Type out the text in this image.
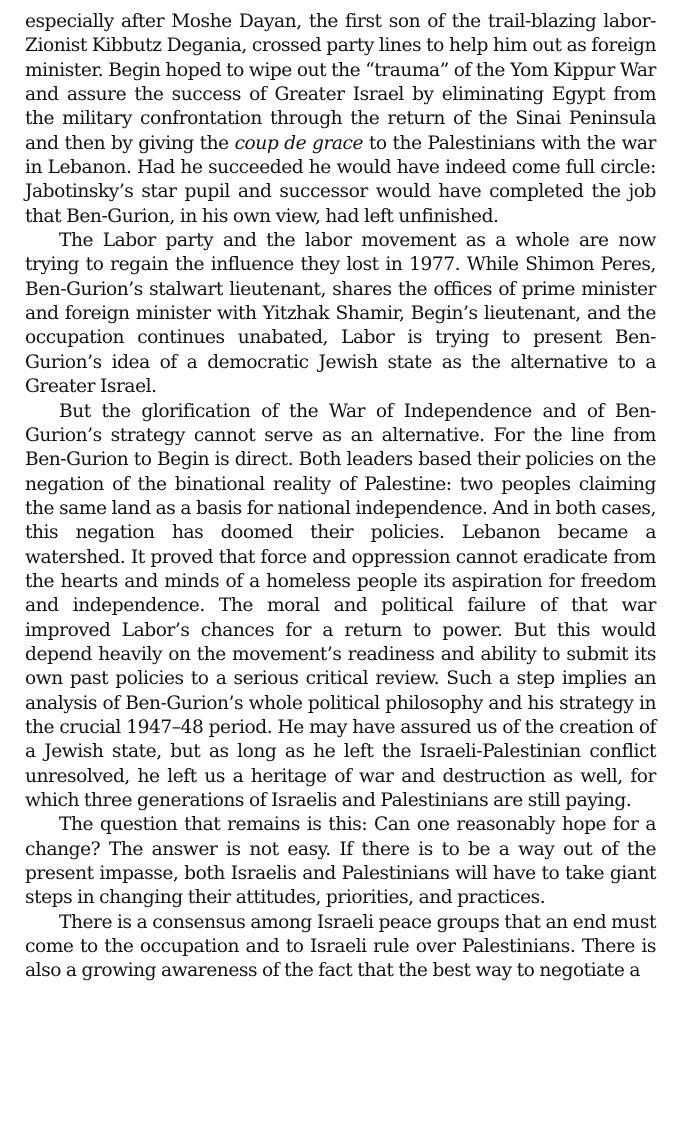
especially after Moshe Dayan, the first son of the trail-blazing labor-Zionist Kibbutz Degania, crossed party lines to help him out as foreign minister. Begin hoped to wipe out the “trauma” of the Yom Kippur War and assure the success of Greater Israel by eliminating Egypt from the military confrontation through the return of the Sinai Peninsula and then by giving the coup de grace to the Palestinians with the war in Lebanon. Had he succeeded he would have indeed come full circle: Jabotinsky’s star pupil and successor would have completed the job that Ben-Gurion, in his own view, had left unfinished.

The Labor party and the labor movement as a whole are now trying to regain the influence they lost in 1977. While Shimon Peres, Ben-Gurion’s stalwart lieutenant, shares the offices of prime minister and foreign minister with Yitzhak Shamir, Begin’s lieutenant, and the occupation continues unabated, Labor is trying to present Ben-Gurion’s idea of a democratic Jewish state as the alternative to a Greater Israel.

But the glorification of the War of Independence and of Ben-Gurion’s strategy cannot serve as an alternative. For the line from Ben-Gurion to Begin is direct. Both leaders based their policies on the negation of the binational reality of Palestine: two peoples claiming the same land as a basis for national independence. And in both cases, this negation has doomed their policies. Lebanon became a watershed. It proved that force and oppression cannot eradicate from the hearts and minds of a homeless people its aspiration for freedom and independence. The moral and political failure of that war improved Labor’s chances for a return to power. But this would depend heavily on the movement’s readiness and ability to submit its own past policies to a serious critical review. Such a step implies an analysis of Ben-Gurion’s whole political philosophy and his strategy in the crucial 1947–48 period. He may have assured us of the creation of a Jewish state, but as long as he left the Israeli-Palestinian conflict unresolved, he left us a heritage of war and destruction as well, for which three generations of Israelis and Palestinians are still paying.

The question that remains is this: Can one reasonably hope for a change? The answer is not easy. If there is to be a way out of the present impasse, both Israelis and Palestinians will have to take giant steps in changing their attitudes, priorities, and practices.

There is a consensus among Israeli peace groups that an end must come to the occupation and to Israeli rule over Palestinians. There is also a growing awareness of the fact that the best way to negotiate a
